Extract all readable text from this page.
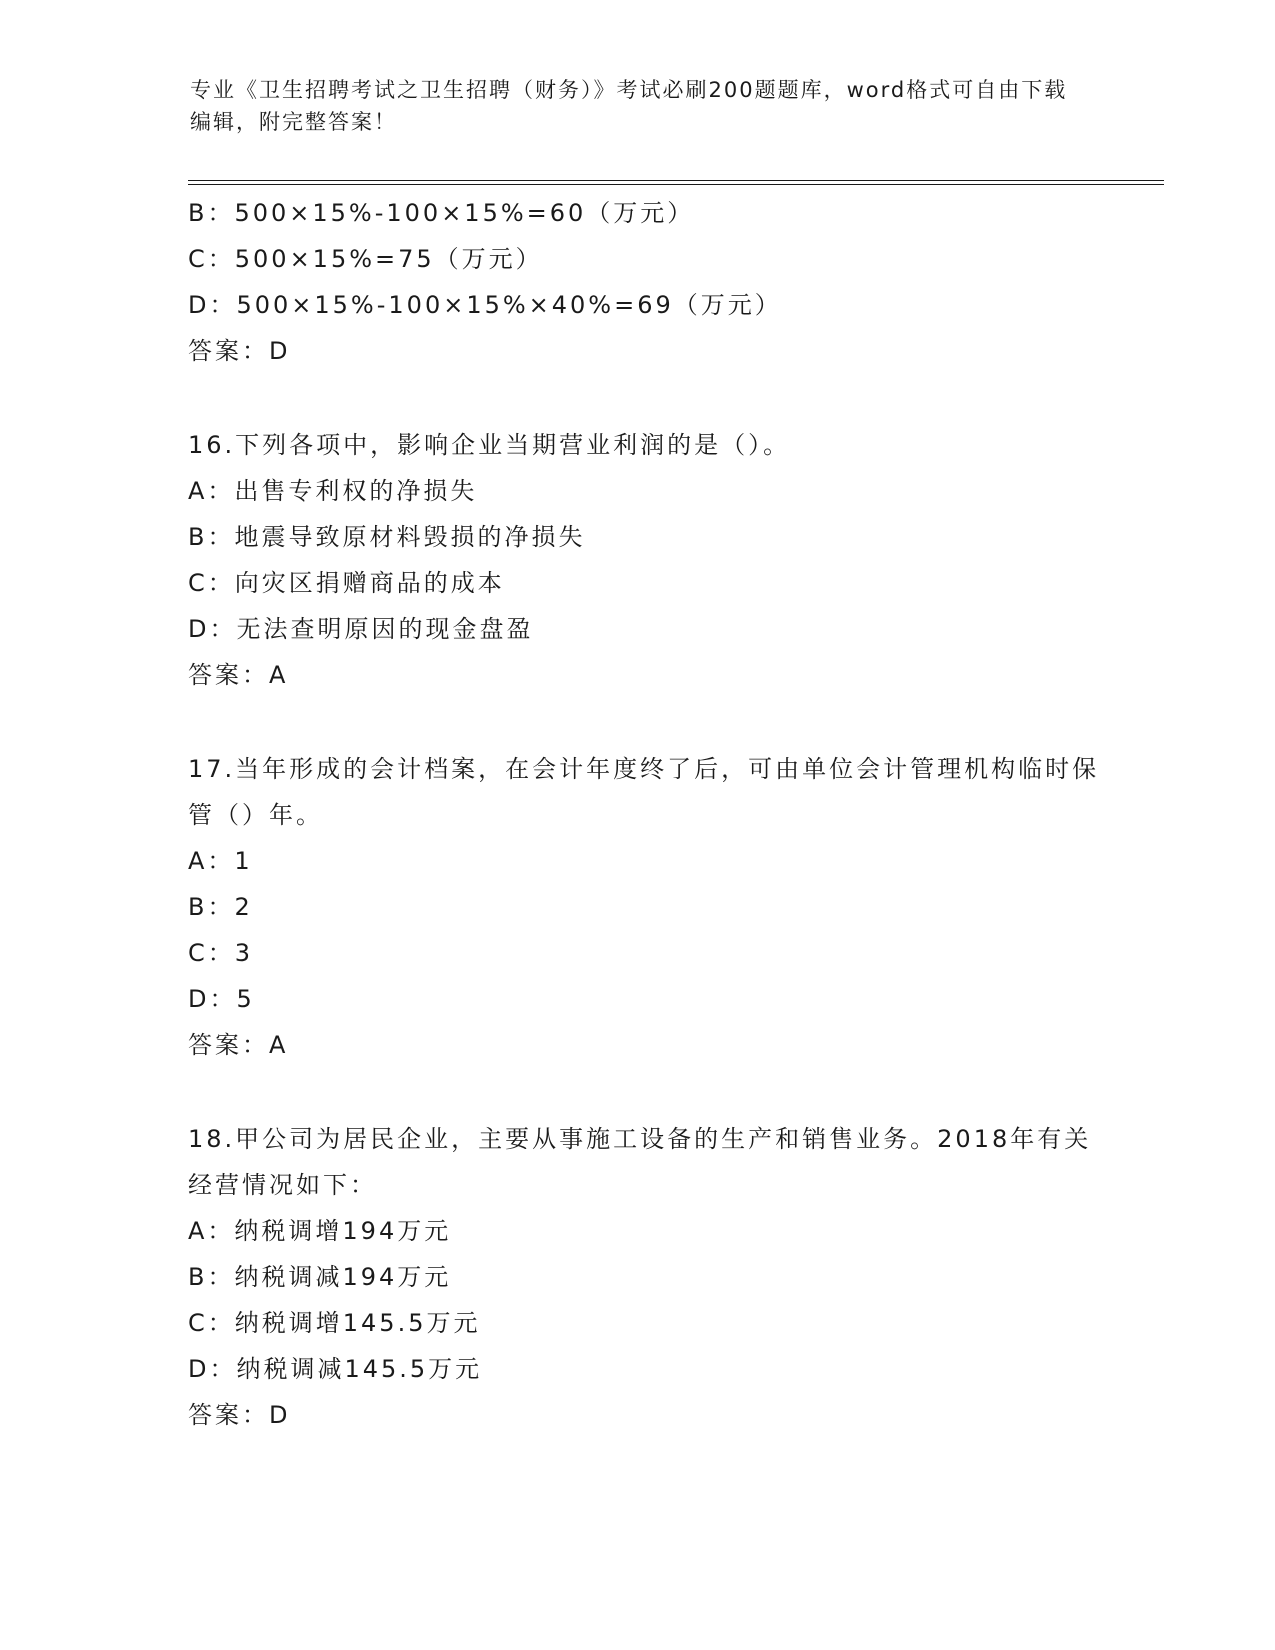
专业《卫生招聘考试之卫生招聘（财务）》考试必刷200题题库，word格式可自由下载编辑，附完整答案！
B：500×15%-100×15%=60（万元）
C：500×15%=75（万元）
D：500×15%-100×15%×40%=69（万元）
答案：D
16.下列各项中，影响企业当期营业利润的是（）。
A：出售专利权的净损失
B：地震导致原材料毁损的净损失
C：向灾区捐赠商品的成本
D：无法查明原因的现金盘盈
答案：A
17.当年形成的会计档案，在会计年度终了后，可由单位会计管理机构临时保管（）年。
A：1
B：2
C：3
D：5
答案：A
18.甲公司为居民企业，主要从事施工设备的生产和销售业务。2018年有关经营情况如下：
A：纳税调增194万元
B：纳税调减194万元
C：纳税调增145.5万元
D：纳税调减145.5万元
答案：D
